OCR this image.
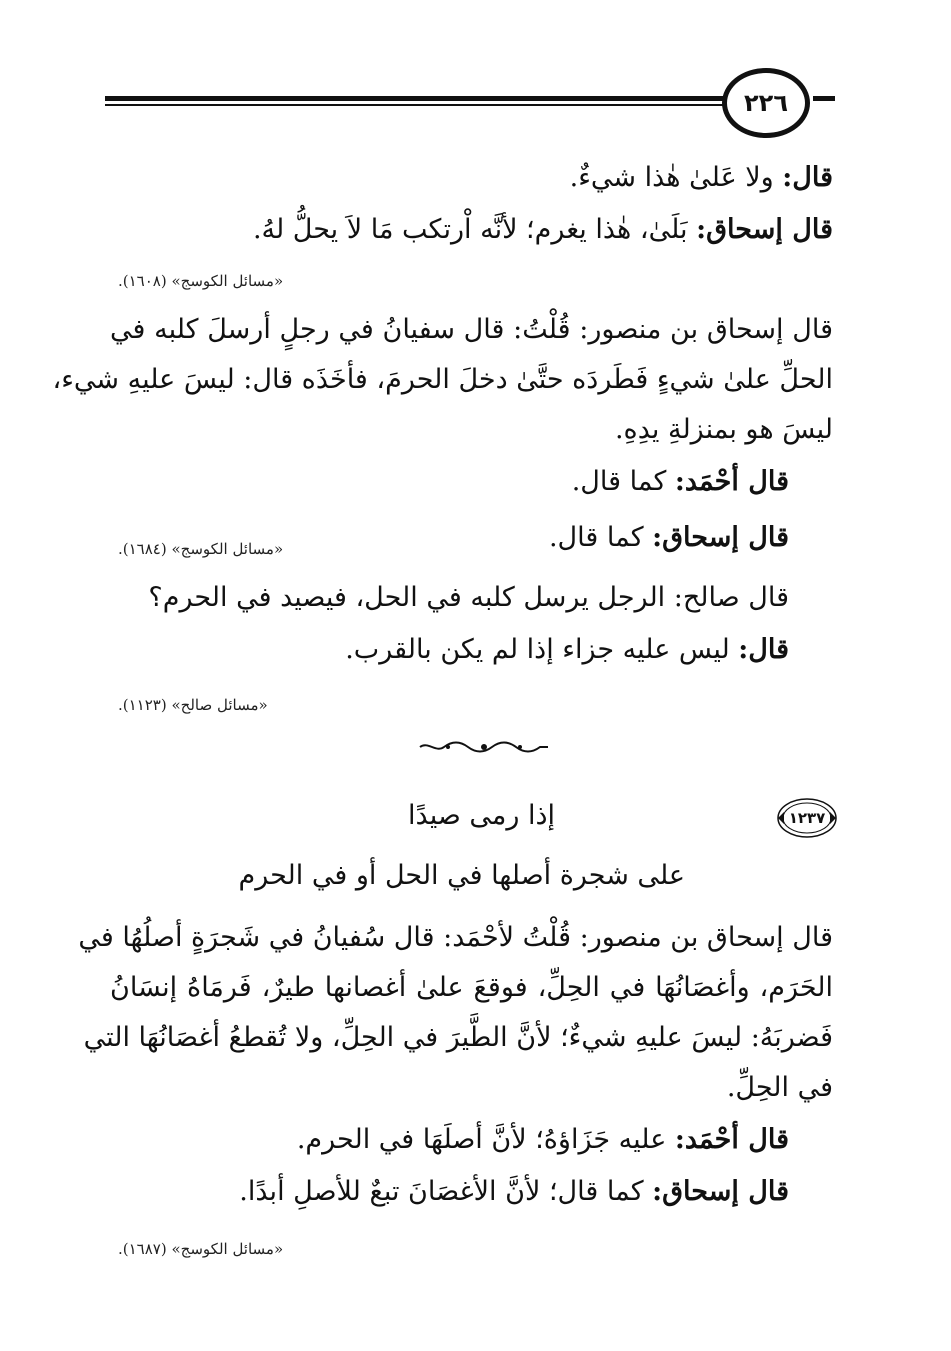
٢٢٦
قال: ولا عَلىٰ هٰذا شيءٌ.
قال إسحاق: بَلَىٰ، هٰذا يغرم؛ لأنَّه اْرتكب مَا لاَ يحلُّ لهُ.
«مسائل الكوسج» (١٦٠٨).
قال إسحاق بن منصور: قُلْتُ: قال سفيانُ في رجلٍ أرسلَ كلبه في
الحلِّ علىٰ شيءٍ فَطَردَه حتَّىٰ دخلَ الحرمَ، فأخَذَه قال: ليسَ عليهِ شيء،
ليسَ هو بمنزلةِ يدِهِ.
قال أحْمَد: كما قال.
قال إسحاق: كما قال.
«مسائل الكوسج» (١٦٨٤).
قال صالح: الرجل يرسل كلبه في الحل، فيصيد في الحرم؟
قال: ليس عليه جزاء إذا لم يكن بالقرب.
«مسائل صالح» (١١٢٣).
١٢٣٧
إذا رمى صيدًا
على شجرة أصلها في الحل أو في الحرم
قال إسحاق بن منصور: قُلْتُ لأحْمَد: قال سُفيانُ في شَجرَةٍ أصلُهُا في
الحَرَم، وأغصَانُهَا في الحِلِّ، فوقعَ علىٰ أغصانها طيرٌ، فَرمَاهُ إنسَانُ
فَضربَهُ: ليسَ عليهِ شيءٌ؛ لأنَّ الطَّيرَ في الحِلِّ، ولا تُقطعُ أغصَانُهَا التي
في الحِلِّ.
قال أحْمَد: عليه جَزَاؤهُ؛ لأنَّ أصلَهَا في الحرم.
قال إسحاق: كما قال؛ لأنَّ الأغصَانَ تبعٌ للأصلِ أبدًا.
«مسائل الكوسج» (١٦٨٧).
